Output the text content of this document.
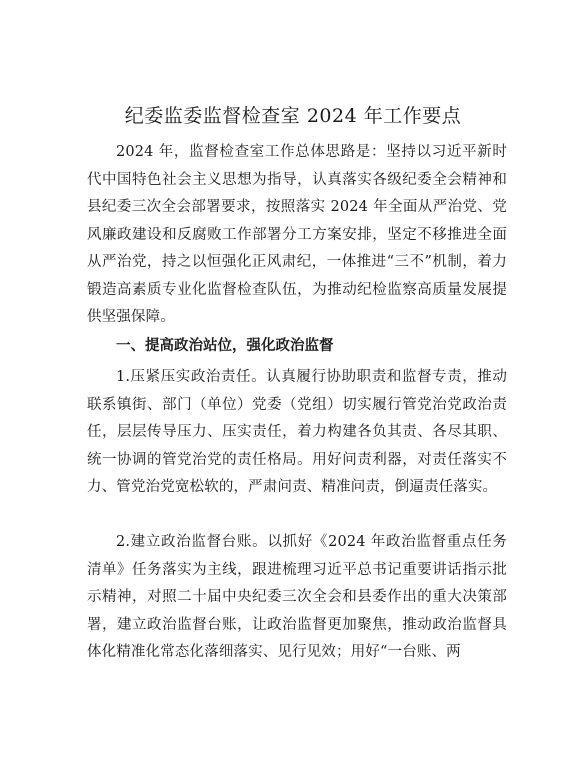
纪委监委监督检查室 2024 年工作要点

2024 年，监督检查室工作总体思路是：坚持以习近平新时代中国特色社会主义思想为指导，认真落实各级纪委全会精神和县纪委三次全会部署要求，按照落实 2024 年全面从严治党、党风廉政建设和反腐败工作部署分工方案安排，坚定不移推进全面从严治党，持之以恒强化正风肃纪，一体推进“三不”机制，着力锻造高素质专业化监督检查队伍，为推动纪检监察高质量发展提供坚强保障。

一、提高政治站位，强化政治监督

1.压紧压实政治责任。认真履行协助职责和监督专责，推动联系镇街、部门（单位）党委（党组）切实履行管党治党政治责任，层层传导压力、压实责任，着力构建各负其责、各尽其职、统一协调的管党治党的责任格局。用好问责利器，对责任落实不力、管党治党宽松软的，严肃问责、精准问责，倒逼责任落实。

2.建立政治监督台账。以抓好《2024 年政治监督重点任务清单》任务落实为主线，跟进梳理习近平总书记重要讲话指示批示精神，对照二十届中央纪委三次全会和县委作出的重大决策部署，建立政治监督台账，让政治监督更加聚焦，推动政治监督具体化精准化常态化落细落实、见行见效；用好“一台账、两
